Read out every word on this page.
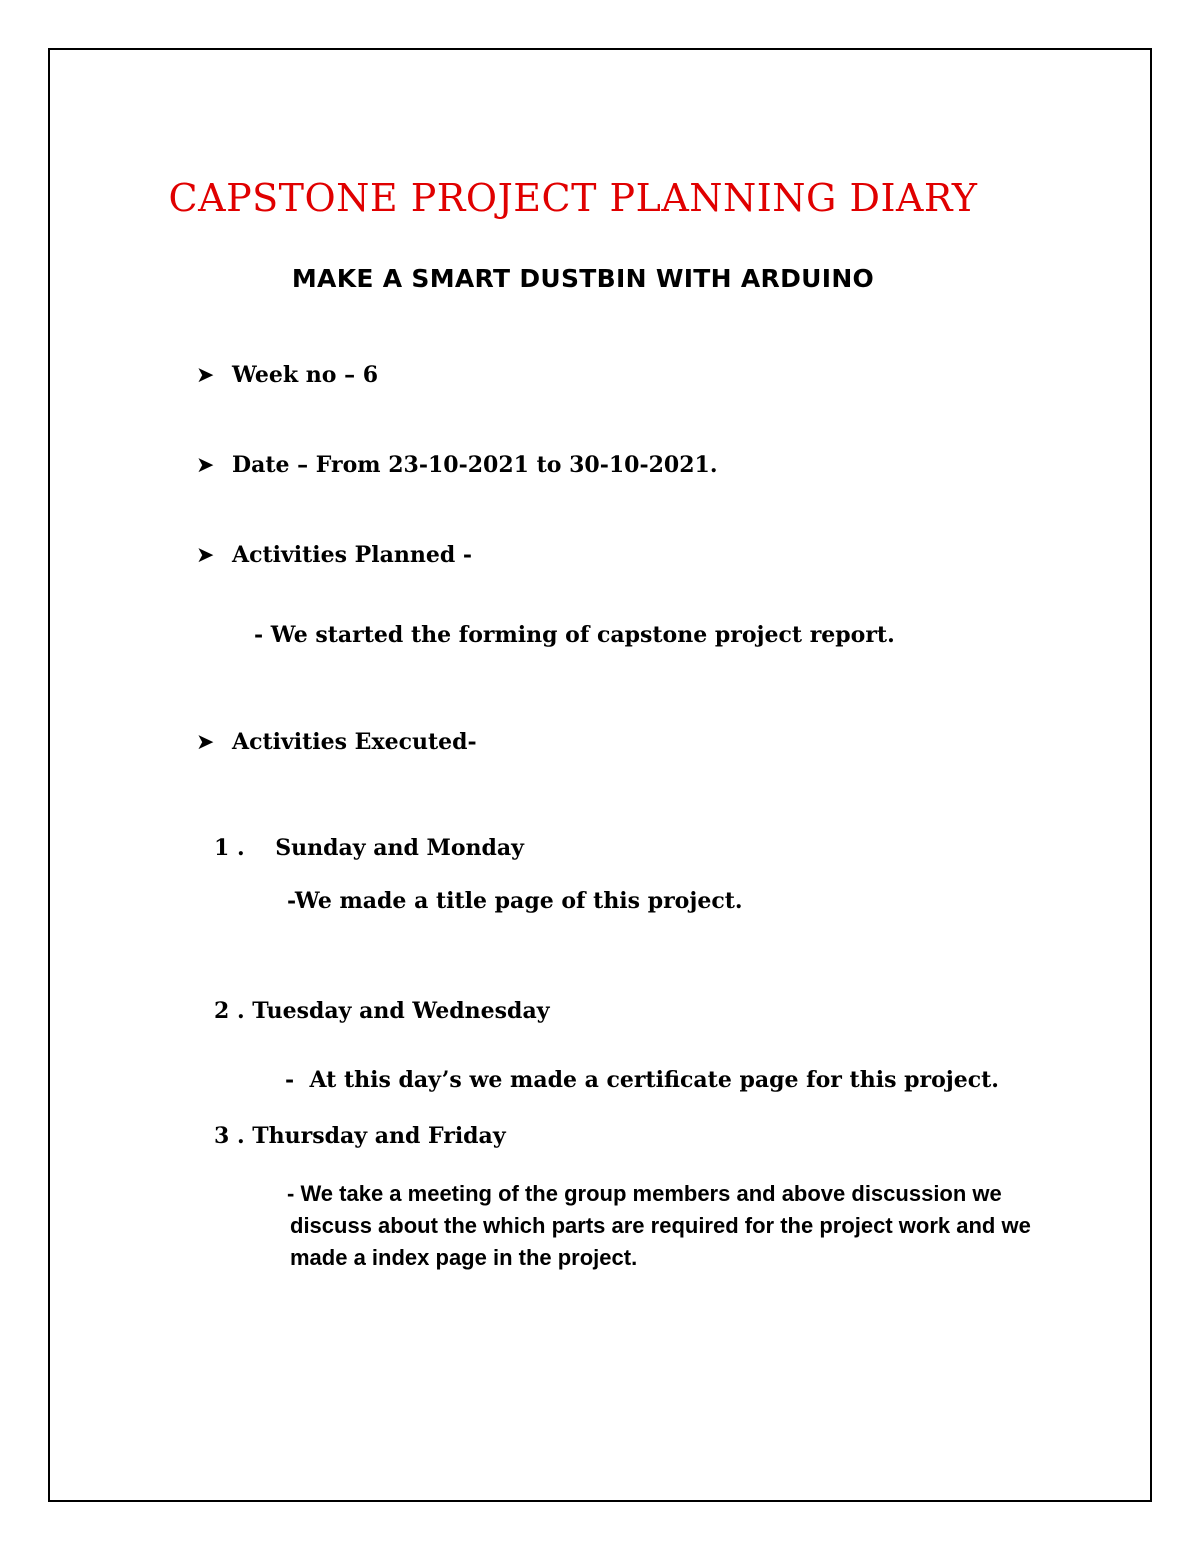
CAPSTONE PROJECT PLANNING DIARY
MAKE A SMART DUSTBIN WITH ARDUINO
➤ Week no – 6
➤ Date – From 23-10-2021 to 30-10-2021.
➤ Activities Planned -
- We started the forming of capstone project report.
➤ Activities Executed-
1 .    Sunday and Monday
-We made a title page of this project.
2 . Tuesday and Wednesday
-  At this day’s we made a certificate page for this project.
3 . Thursday and Friday
- We take a meeting of the group members and above discussion we
discuss about the which parts are required for the project work and we
made a index page in the project.
